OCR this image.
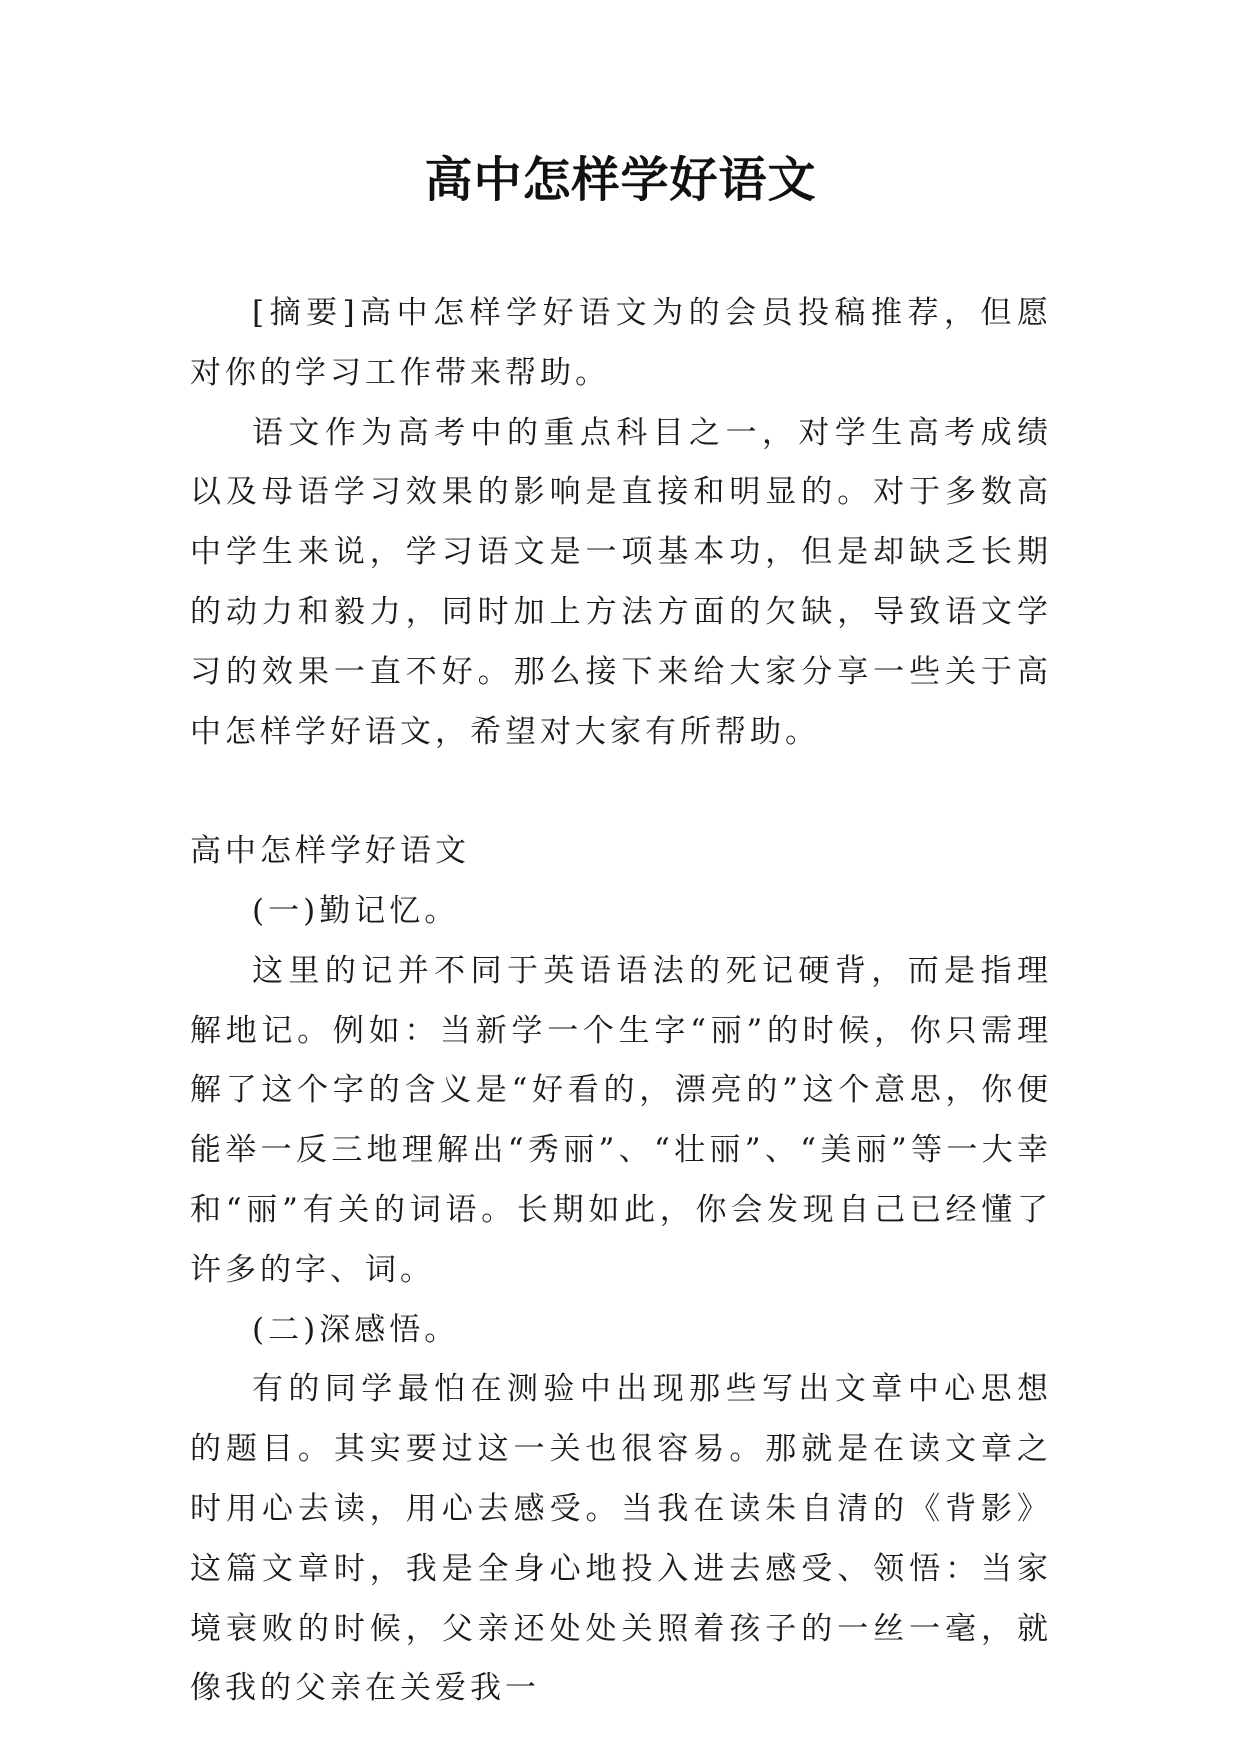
高中怎样学好语文

[摘要]高中怎样学好语文为的会员投稿推荐，但愿对你的学习工作带来帮助。

语文作为高考中的重点科目之一，对学生高考成绩以及母语学习效果的影响是直接和明显的。对于多数高中学生来说，学习语文是一项基本功，但是却缺乏长期的动力和毅力，同时加上方法方面的欠缺，导致语文学习的效果一直不好。那么接下来给大家分享一些关于高中怎样学好语文，希望对大家有所帮助。

高中怎样学好语文

(一)勤记忆。

这里的记并不同于英语语法的死记硬背，而是指理解地记。例如：当新学一个生字“丽”的时候，你只需理解了这个字的含义是“好看的，漂亮的”这个意思，你便能举一反三地理解出“秀丽”、“壮丽”、“美丽”等一大幸和“丽”有关的词语。长期如此，你会发现自己已经懂了许多的字、词。

(二)深感悟。

有的同学最怕在测验中出现那些写出文章中心思想的题目。其实要过这一关也很容易。那就是在读文章之时用心去读，用心去感受。当我在读朱自清的《背影》这篇文章时，我是全身心地投入进去感受、领悟：当家境衰败的时候，父亲还处处关照着孩子的一丝一毫，就像我的父亲在关爱我一
